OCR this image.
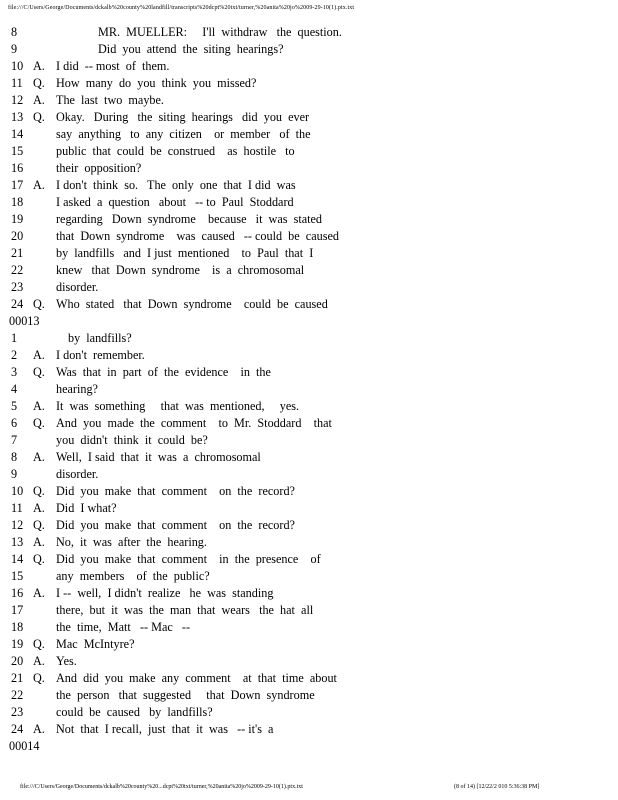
file:///C/Users/George/Documents/dckalb%20county%20landfill/transcripts%20dcpt%20txt/turner,%20anita%20jo%2009-29-10(1).ptx.txt
8	MR.  MUELLER:     I'll  withdraw   the  question.
9	Did  you  attend  the  siting  hearings?
10 A. I did  -- most  of  them.
11 Q. How  many  do  you  think  you  missed?
12 A. The  last  two  maybe.
13 Q. Okay.   During   the  siting  hearings   did  you  ever
14	say  anything   to  any  citizen    or  member   of  the
15	public  that  could  be  construed    as  hostile   to
16	their  opposition?
17 A. I don't  think  so.   The  only  one  that  I did  was
18	I asked  a  question   about   -- to  Paul  Stoddard
19	regarding   Down  syndrome    because   it  was  stated
20	that  Down  syndrome    was  caused   -- could  be  caused
21	by  landfills   and  I just  mentioned    to  Paul  that  I
22	knew   that  Down  syndrome    is  a  chromosomal
23	disorder.
24 Q. Who  stated   that  Down  syndrome    could  be  caused
00013
1	by  landfills?
2	A. I don't  remember.
3	Q. Was  that  in  part  of  the  evidence    in  the
4	hearing?
5	A. It  was  something     that  was  mentioned,     yes.
6	Q. And  you  made  the  comment    to  Mr.  Stoddard    that
7	you  didn't  think  it  could  be?
8	A. Well,  I said  that  it  was  a  chromosomal
9	disorder.
10 Q. Did  you  make  that  comment    on  the  record?
11 A. Did  I what?
12 Q. Did  you  make  that  comment    on  the  record?
13 A. No,  it  was  after  the  hearing.
14 Q. Did  you  make  that  comment    in  the  presence    of
15	any  members    of  the  public?
16 A. I --  well,  I didn't  realize   he  was  standing
17	there,  but  it  was  the  man  that  wears   the  hat  all
18	the  time,  Matt   -- Mac   --
19 Q. Mac  McIntyre?
20 A. Yes.
21 Q. And  did  you  make  any  comment    at  that  time  about
22	the  person   that  suggested     that  Down  syndrome
23	could  be  caused   by  landfills?
24 A. Not  that  I recall,  just  that  it  was   -- it's  a
00014
file:///C/Users/George/Documents/dckalb%20county%20...dcpt%20txt/turner,%20anita%20jo%2009-29-10(1).ptx.txt	(8 of 14) [12/22/2 010 5:36:38 PM]
